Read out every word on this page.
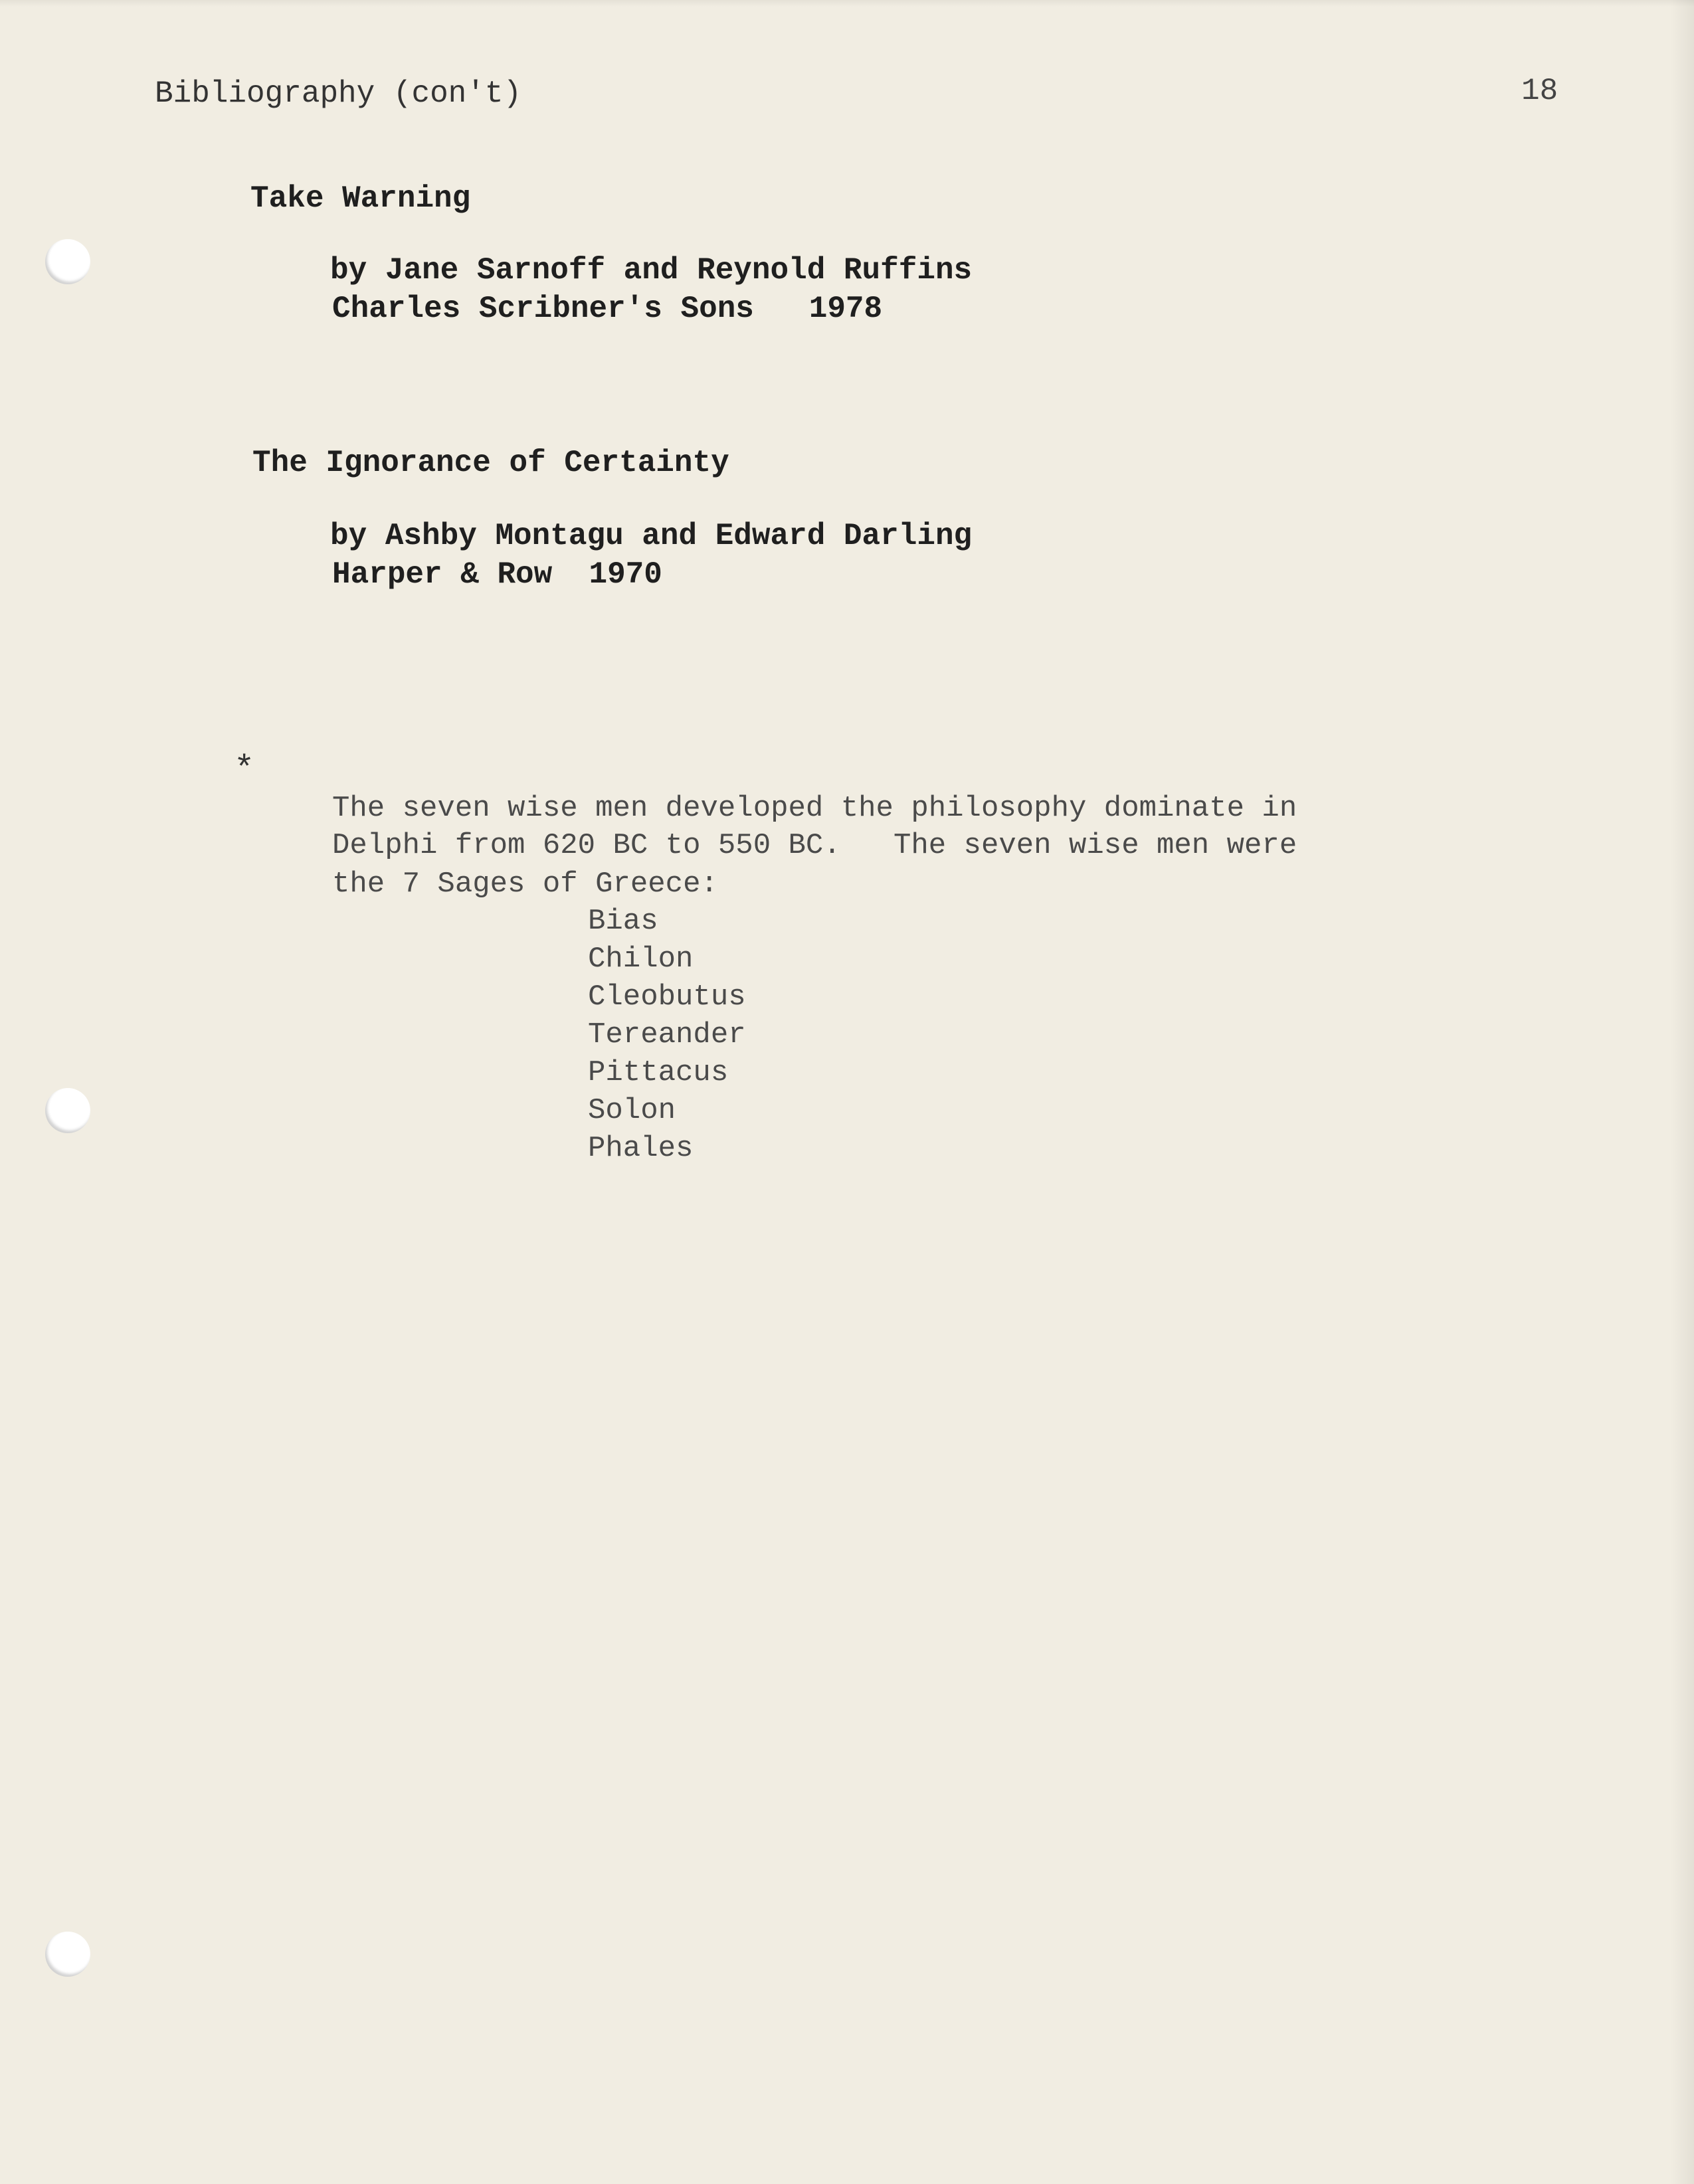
Bibliography (con't)	18

Take Warning

by Jane Sarnoff and Reynold Ruffins

Charles Scribner's Sons   1978

The Ignorance of Certainty

by Ashby Montagu and Edward Darling

Harper & Row  1970

*

The seven wise men developed the philosophy dominate in

Delphi from 620 BC to 550 BC.   The seven wise men were

the 7 Sages of Greece:

Bias

Chilon

Cleobutus

Tereander

Pittacus

Solon

Phales
